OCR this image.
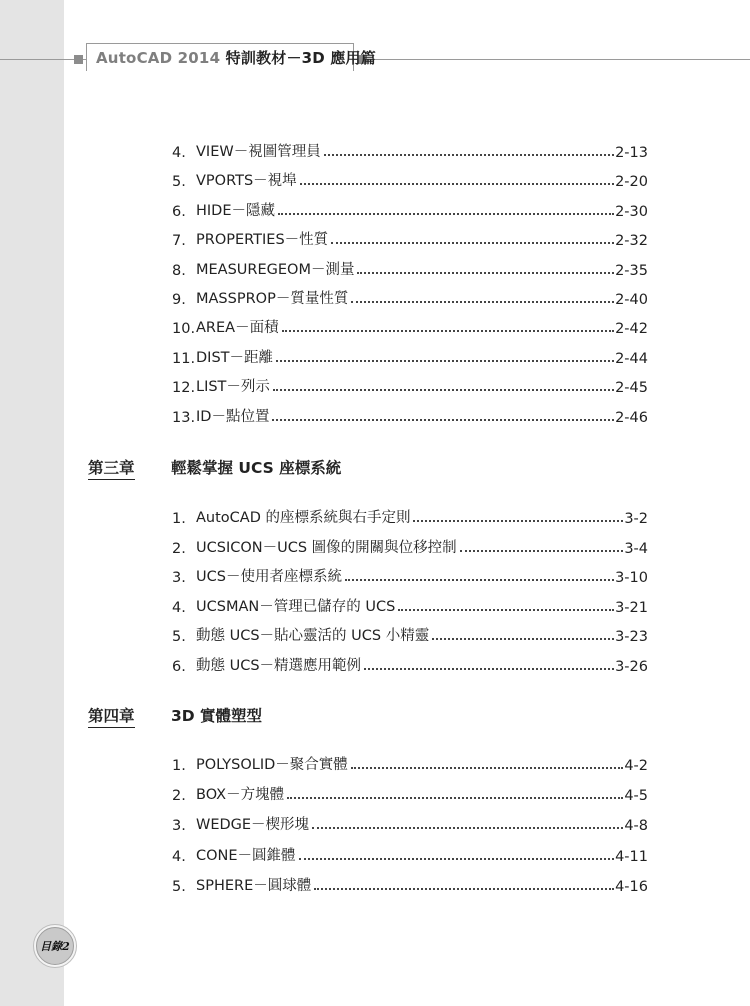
AutoCAD 2014 特訓教材－3D 應用篇
4. VIEW－視圖管理員	2-13
5. VPORTS－視埠	2-20
6. HIDE－隱藏	2-30
7. PROPERTIES－性質	2-32
8. MEASUREGEOM－測量	2-35
9. MASSPROP－質量性質	2-40
10. AREA－面積	2-42
11. DIST－距離	2-44
12. LIST－列示	2-45
13. ID－點位置	2-46
第三章 輕鬆掌握 UCS 座標系統
1. AutoCAD 的座標系統與右手定則	3-2
2. UCSICON－UCS 圖像的開關與位移控制	3-4
3. UCS－使用者座標系統	3-10
4. UCSMAN－管理已儲存的 UCS	3-21
5. 動態 UCS－貼心靈活的 UCS 小精靈	3-23
6. 動態 UCS－精選應用範例	3-26
第四章 3D 實體塑型
1. POLYSOLID－聚合實體	4-2
2. BOX－方塊體	4-5
3. WEDGE－楔形塊	4-8
4. CONE－圓錐體	4-11
5. SPHERE－圓球體	4-16
目錄2
